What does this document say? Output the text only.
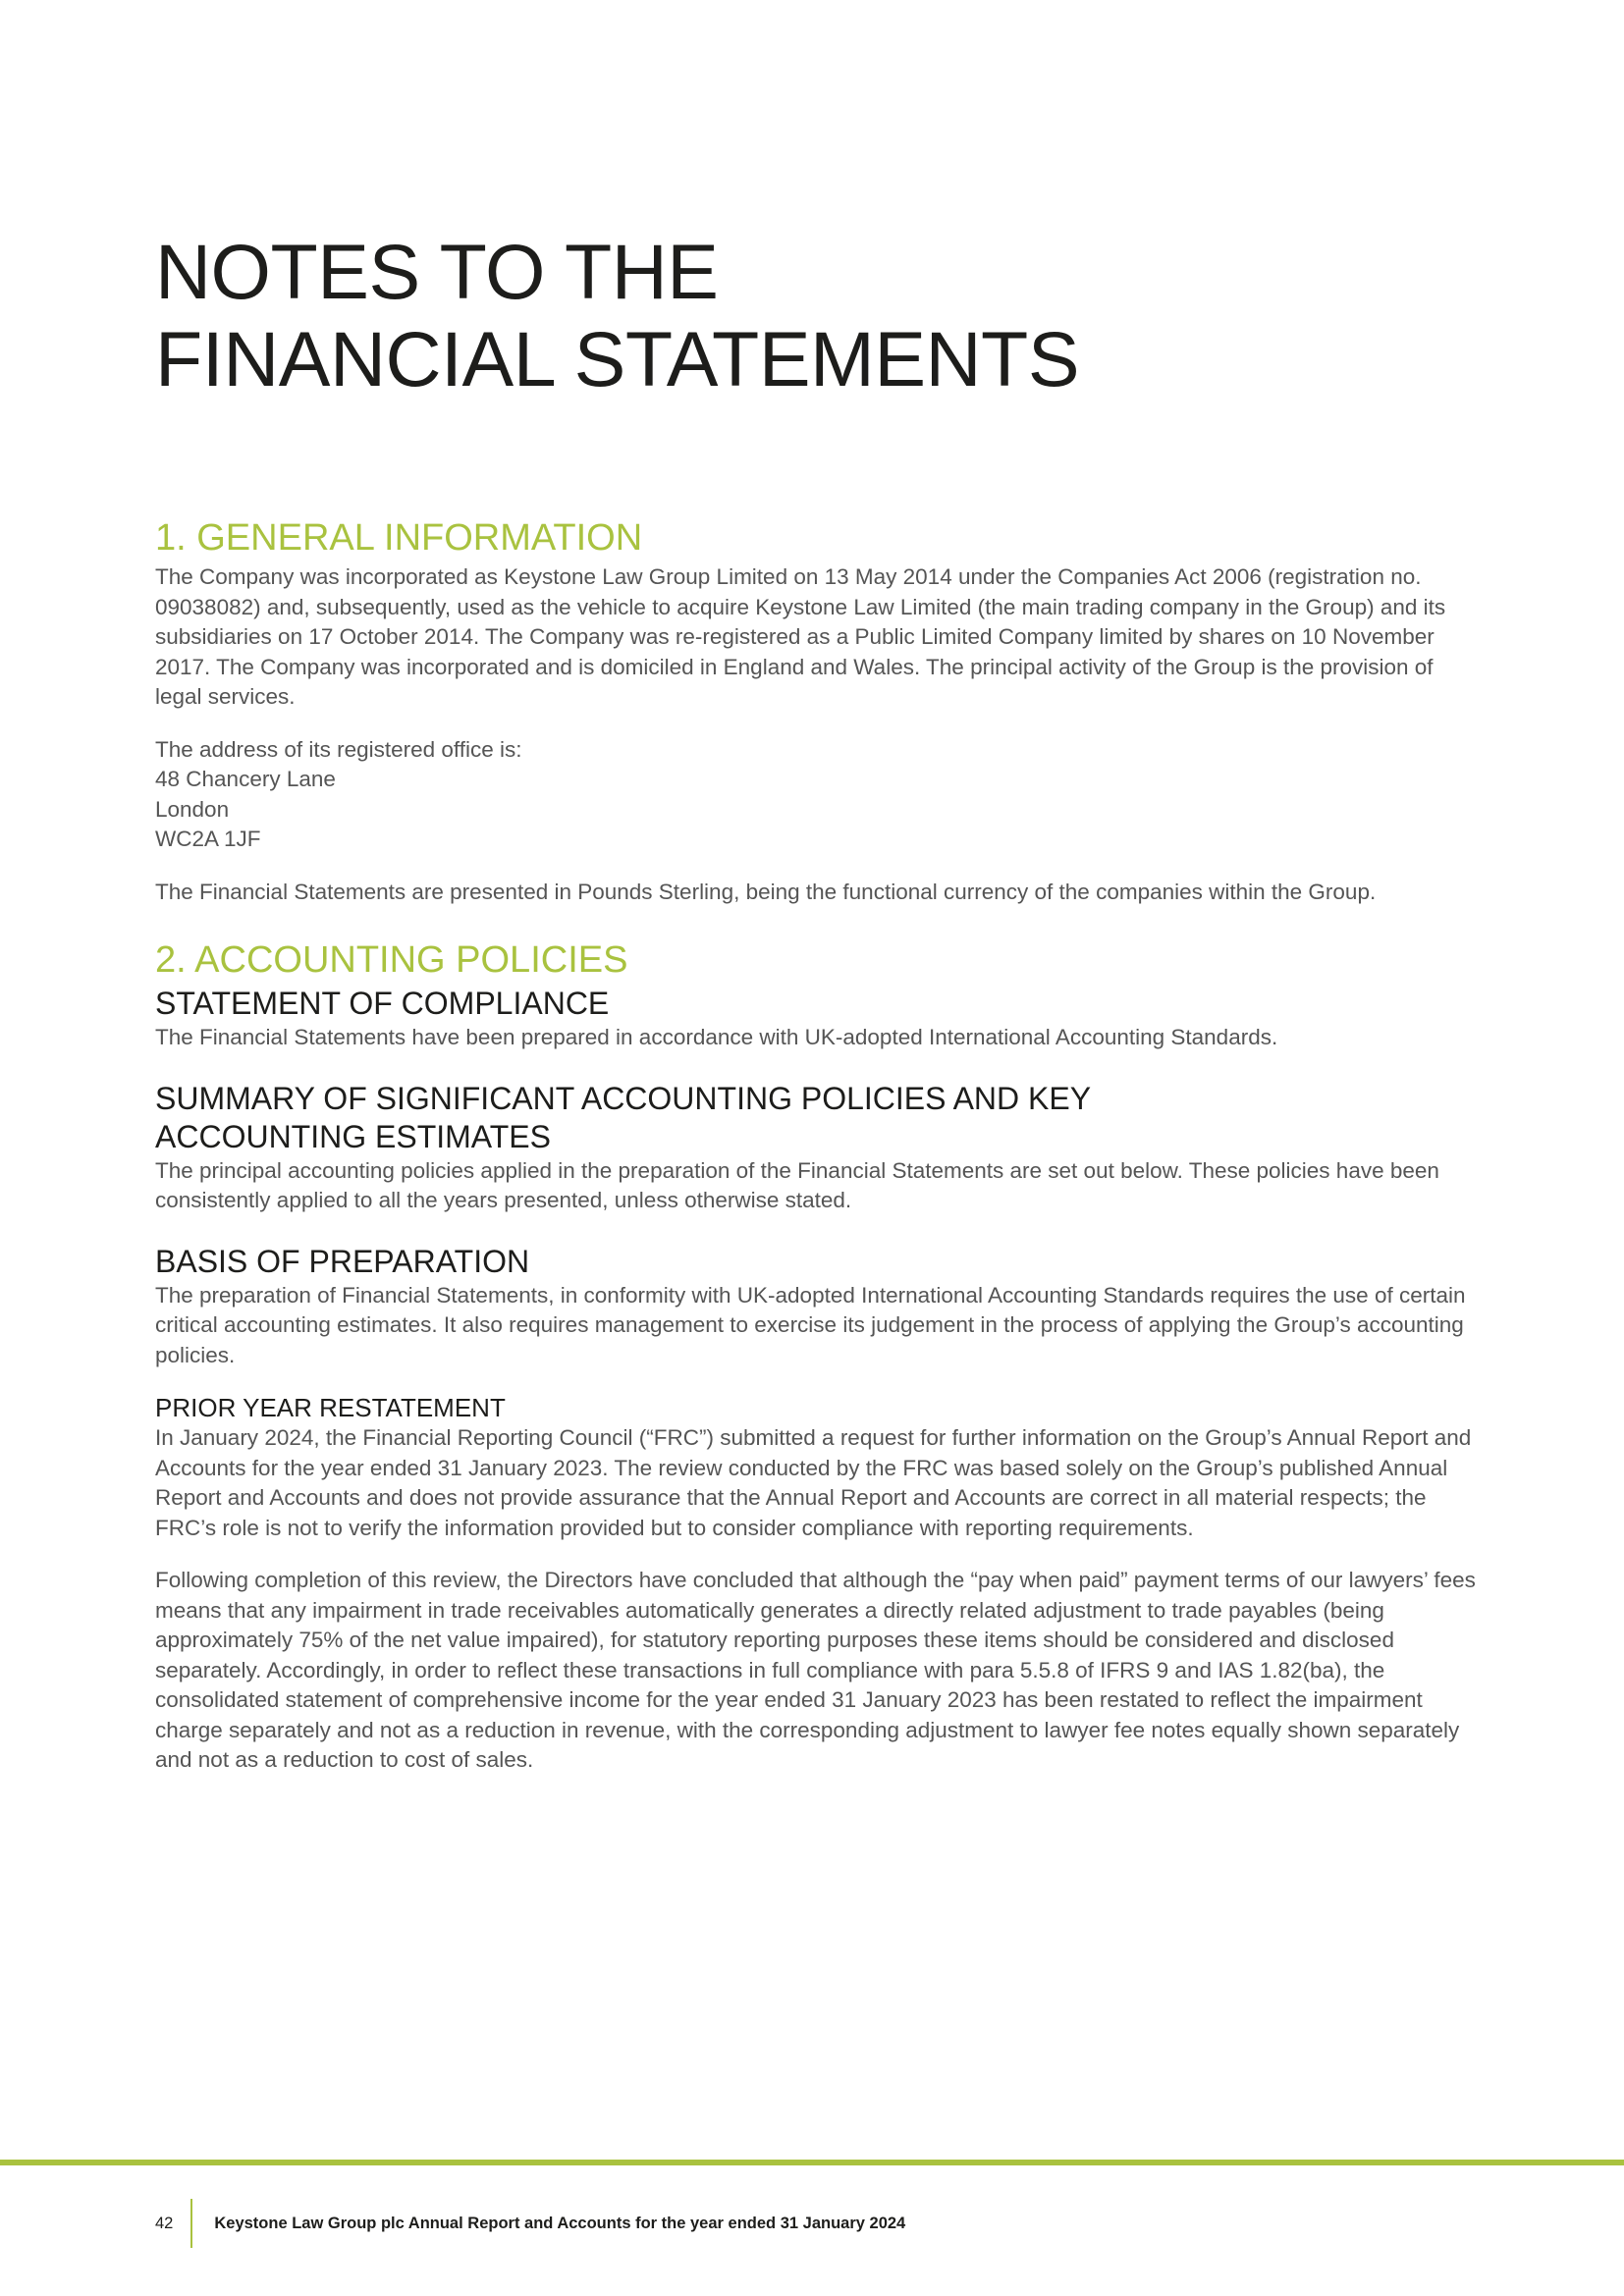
NOTES TO THE
FINANCIAL STATEMENTS
1. GENERAL INFORMATION

The Company was incorporated as Keystone Law Group Limited on 13 May 2014 under the Companies Act 2006 (registration no. 09038082) and, subsequently, used as the vehicle to acquire Keystone Law Limited (the main trading company in the Group) and its subsidiaries on 17 October 2014. The Company was re-registered as a Public Limited Company limited by shares on 10 November 2017. The Company was incorporated and is domiciled in England and Wales. The principal activity of the Group is the provision of legal services.

The address of its registered office is:
48 Chancery Lane
London
WC2A 1JF

The Financial Statements are presented in Pounds Sterling, being the functional currency of the companies within the Group.

2. ACCOUNTING POLICIES
STATEMENT OF COMPLIANCE

The Financial Statements have been prepared in accordance with UK-adopted International Accounting Standards.

SUMMARY OF SIGNIFICANT ACCOUNTING POLICIES AND KEY
ACCOUNTING ESTIMATES

The principal accounting policies applied in the preparation of the Financial Statements are set out below. These policies have been consistently applied to all the years presented, unless otherwise stated.

BASIS OF PREPARATION

The preparation of Financial Statements, in conformity with UK-adopted International Accounting Standards requires the use of certain critical accounting estimates. It also requires management to exercise its judgement in the process of applying the Group’s accounting policies.

PRIOR YEAR RESTATEMENT

In January 2024, the Financial Reporting Council (“FRC”) submitted a request for further information on the Group’s Annual Report and Accounts for the year ended 31 January 2023. The review conducted by the FRC was based solely on the Group’s published Annual Report and Accounts and does not provide assurance that the Annual Report and Accounts are correct in all material respects; the FRC’s role is not to verify the information provided but to consider compliance with reporting requirements.

Following completion of this review, the Directors have concluded that although the “pay when paid” payment terms of our lawyers’ fees means that any impairment in trade receivables automatically generates a directly related adjustment to trade payables (being approximately 75% of the net value impaired), for statutory reporting purposes these items should be considered and disclosed separately. Accordingly, in order to reflect these transactions in full compliance with para 5.5.8 of IFRS 9 and IAS 1.82(ba), the consolidated statement of comprehensive income for the year ended 31 January 2023 has been restated to reflect the impairment charge separately and not as a reduction in revenue, with the corresponding adjustment to lawyer fee notes equally shown separately and not as a reduction to cost of sales.

42	Keystone Law Group plc Annual Report and Accounts for the year ended 31 January 2024
